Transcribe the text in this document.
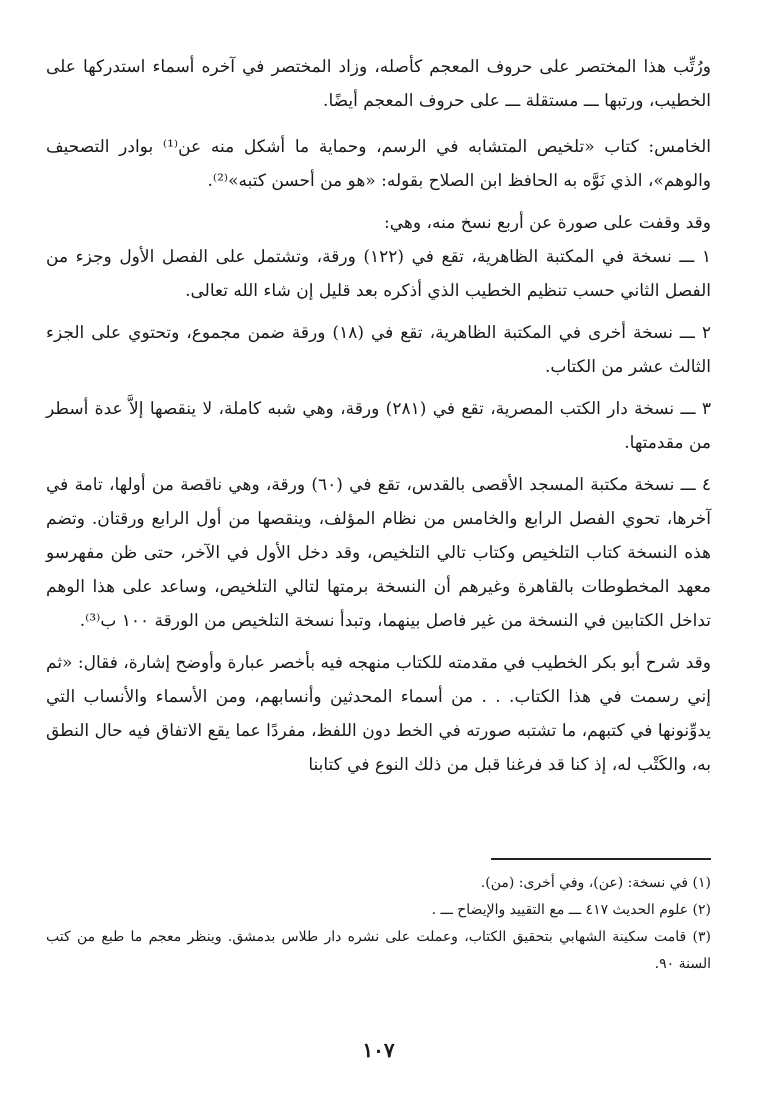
ورُتِّب هذا المختصر على حروف المعجم كأصله، وزاد المختصر في آخره أسماء استدركها على الخطيب، ورتبها ـــ مستقلة ـــ على حروف المعجم أيضًا.

الخامس: كتاب «تلخيص المتشابه في الرسم، وحماية ما أشكل منه عن⁽¹⁾ بوادر التصحيف والوهم»، الذي نَوَّه به الحافظ ابن الصلاح بقوله: «هو من أحسن كتبه»⁽²⁾.

وقد وقفت على صورة عن أربع نسخ منه، وهي:

١ ـــ نسخة في المكتبة الظاهرية، تقع في (١٢٢) ورقة، وتشتمل على الفصل الأول وجزء من الفصل الثاني حسب تنظيم الخطيب الذي أذكره بعد قليل إن شاء الله تعالى.

٢ ـــ نسخة أخرى في المكتبة الظاهرية، تقع في (١٨) ورقة ضمن مجموع، وتحتوي على الجزء الثالث عشر من الكتاب.

٣ ـــ نسخة دار الكتب المصرية، تقع في (٢٨١) ورقة، وهي شبه كاملة، لا ينقصها إلاَّ عدة أسطر من مقدمتها.

٤ ـــ نسخة مكتبة المسجد الأقصى بالقدس، تقع في (٦٠) ورقة، وهي ناقصة من أولها، تامة في آخرها، تحوي الفصل الرابع والخامس من نظام المؤلف، وينقصها من أول الرابع ورقتان. وتضم هذه النسخة كتاب التلخيص وكتاب تالي التلخيص، وقد دخل الأول في الآخر، حتى ظن مفهرسو معهد المخطوطات بالقاهرة وغيرهم أن النسخة برمتها لتالي التلخيص، وساعد على هذا الوهم تداخل الكتابين في النسخة من غير فاصل بينهما، وتبدأ نسخة التلخيص من الورقة ١٠٠ ب⁽³⁾.

وقد شرح أبو بكر الخطيب في مقدمته للكتاب منهجه فيه بأخصر عبارة وأوضح إشارة، فقال: «ثم إني رسمت في هذا الكتاب. . . من أسماء المحدثين وأنسابهم، ومن الأسماء والأنساب التي يدوِّنونها في كتبهم، ما تشتبه صورته في الخط دون اللفظ، مفردًا عما يقع الاتفاق فيه حال النطق به، والكَتْب له، إذ كنا قد فرغنا قبل من ذلك النوع في كتابنا

(١) في نسخة: (عن)، وفي أخرى: (من).

(٢) علوم الحديث ٤١٧ ـــ مع التقييد والإيضاح ـــ .

(٣) قامت سكينة الشهابي بتحقيق الكتاب، وعملت على نشره دار طلاس بدمشق. وينظر معجم ما طبع من كتب السنة ٩٠.

١٠٧
